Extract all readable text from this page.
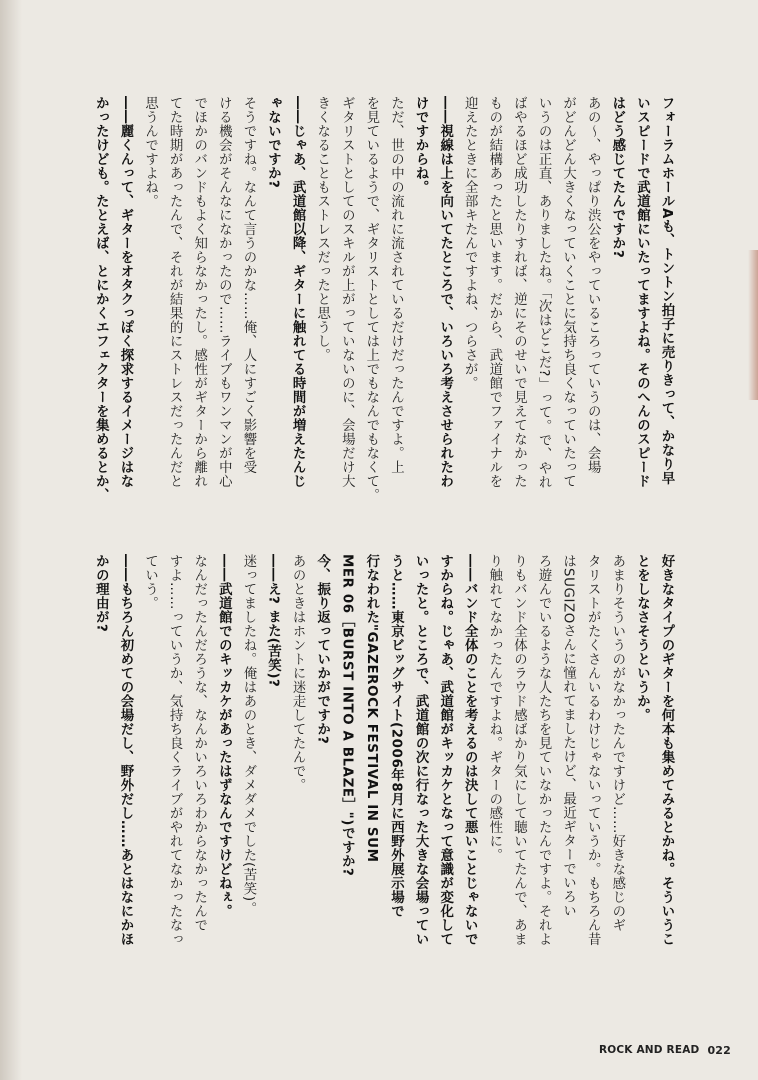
フォーラムホールAも、トントン拍子に売りきって、かなり早
いスピードで武道館にいたってますよね。そのへんのスピード
はどう感じてたんですか?
あの～、やっぱり渋公をやっているころっていうのは、会場
がどんどん大きくなっていくことに気持ち良くなっていたって
いうのは正直、ありましたね。「次はどこだ?」って。で、やれ
ばやるほど成功したりすれば、逆にそのせいで見えてなかった
ものが結構あったと思います。だから、武道館でファイナルを
迎えたときに全部キたんですよね、つらさが。
――視線は上を向いてたところで、いろいろ考えさせられたわ
けですからね。
ただ、世の中の流れに流されているだけだったんですよ。上
を見ているようで、ギタリストとしては上でもなんでもなくて。
ギタリストとしてのスキルが上がっていないのに、会場だけ大
きくなることもストレスだったと思うし。
――じゃあ、武道館以降、ギターに触れてる時間が増えたんじ
ゃないですか?
そうですね。なんて言うのかな……俺、人にすごく影響を受
ける機会がそんなになかったので……ライブもワンマンが中心
でほかのバンドもよく知らなかったし。感性がギターから離れ
てた時期があったんで、それが結果的にストレスだったんだと
思うんですよね。
――麗くんって、ギターをオタクっぽく探求するイメージはな
かったけども。たとえば、とにかくエフェクターを集めるとか、
好きなタイプのギターを何本も集めてみるとかね。そういうこ
とをしなさそうというか。
あまりそういうのがなかったんですけど……好きな感じのギ
タリストがたくさんいるわけじゃないっていうか。もちろん昔
はSUGIZOさんに憧れてましたけど、最近ギターでいろい
ろ遊んでいるような人たちを見ていなかったんですよ。それよ
りもバンド全体のラウド感ばかり気にして聴いてたんで、あま
り触れてなかったんですよね。ギターの感性に。
――バンド全体のことを考えるのは決して悪いことじゃないで
すからね。じゃあ、武道館がキッカケとなって意識が変化して
いったと。ところで、武道館の次に行なった大きな会場ってい
うと……東京ビッグサイト(2006年8月に西野外展示場で
行なわれた"GAZEROCK FESTIVAL IN SUM
MER 06［BURST INTO A BLAZE］")ですか?
今、振り返っていかがですか?
あのときはホントに迷走してたんで。
――え? また(苦笑)?
迷ってましたね。俺はあのとき、ダメダメでした(苦笑)。
――武道館でのキッカケがあったはずなんですけどねぇ。
なんだったんだろうな、なんかいろいろわからなかったんで
すよ……っていうか、気持ち良くライブがやれてなかったなっ
ていう。
――もちろん初めての会場だし、野外だし……あとはなにかほ
かの理由が?
ROCK AND READ 022
